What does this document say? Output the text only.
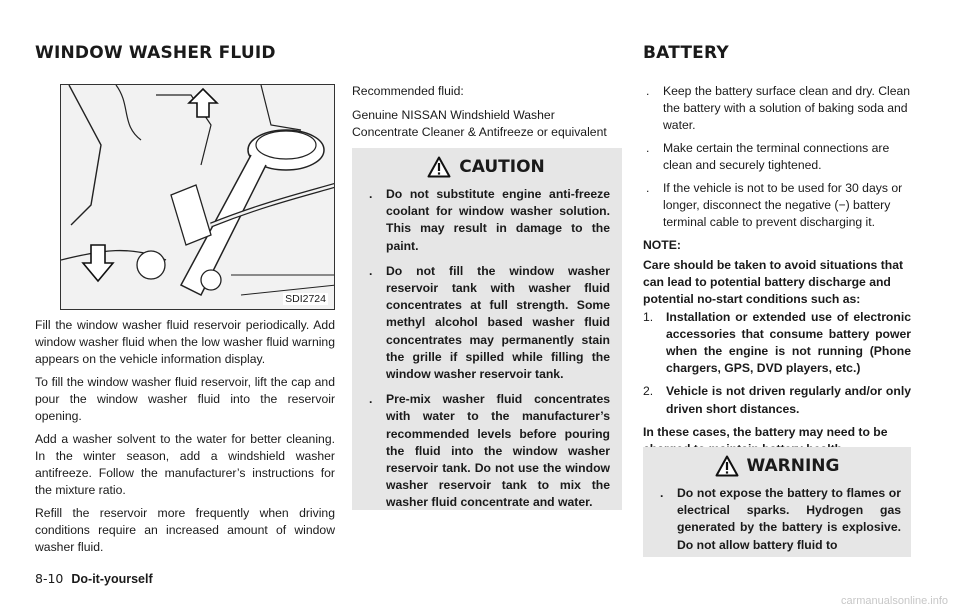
WINDOW WASHER FLUID	BATTERY
SDI2724

Fill the window washer fluid reservoir periodically. Add window washer fluid when the low washer fluid warning appears on the vehicle information display.

To fill the window washer fluid reservoir, lift the cap and pour the window washer fluid into the reservoir opening.

Add a washer solvent to the water for better cleaning. In the winter season, add a windshield washer antifreeze. Follow the manufacturer’s instructions for the mixture ratio.

Refill the reservoir more frequently when driving conditions require an increased amount of window washer fluid.

Recommended fluid:

Genuine NISSAN Windshield Washer Concentrate Cleaner & Antifreeze or equivalent

CAUTION
. Do not substitute engine anti-freeze coolant for window washer solution. This may result in damage to the paint.
. Do not fill the window washer reservoir tank with washer fluid concentrates at full strength. Some methyl alcohol based washer fluid concentrates may permanently stain the grille if spilled while filling the window washer reservoir tank.
. Pre-mix washer fluid concentrates with water to the manufacturer’s recommended levels before pouring the fluid into the window washer reservoir tank. Do not use the window washer reservoir tank to mix the washer fluid concentrate and water.
. Keep the battery surface clean and dry. Clean the battery with a solution of baking soda and water.
. Make certain the terminal connections are clean and securely tightened.
. If the vehicle is not to be used for 30 days or longer, disconnect the negative (−) battery terminal cable to prevent discharging it.

NOTE:

Care should be taken to avoid situations that can lead to potential battery discharge and potential no-start conditions such as:

1. Installation or extended use of electronic accessories that consume battery power when the engine is not running (Phone chargers, GPS, DVD players, etc.)
2. Vehicle is not driven regularly and/or only driven short distances.

In these cases, the battery may need to be

WARNING
. Do not expose the battery to flames or electrical sparks. Hydrogen gas generated by the battery is explosive. Do not allow battery fluid to
8-10 Do-it-yourself
carmanualsonline.info
